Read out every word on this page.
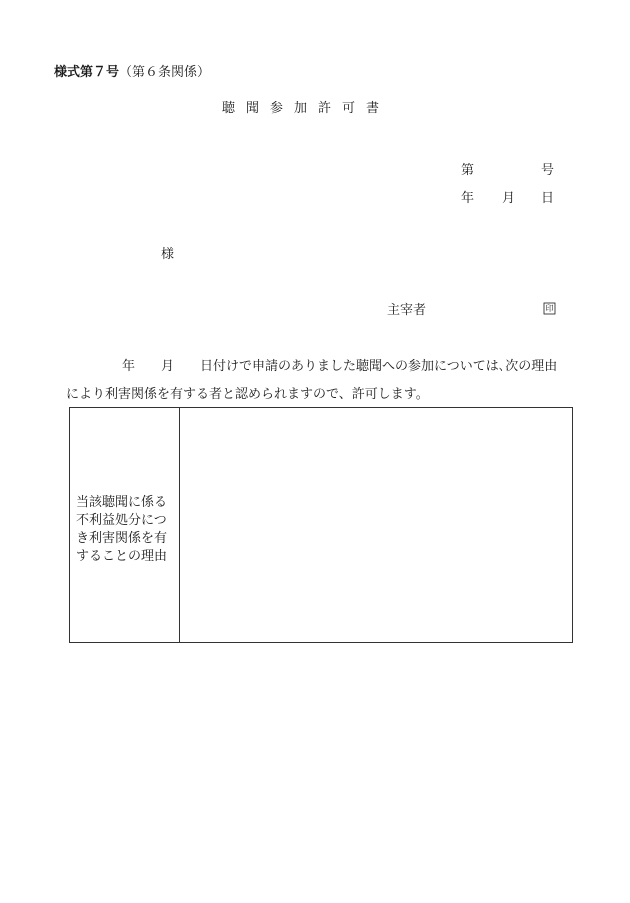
様式第７号（第６条関係）
聴聞参加許可書
第	号
年 月 日
様
主宰者	印
年 月 日付けで申請のありました聴聞への参加については､次の理由
により利害関係を有する者と認められますので、許可します。
当該聴聞に係る
不利益処分につ
き利害関係を有
することの理由
